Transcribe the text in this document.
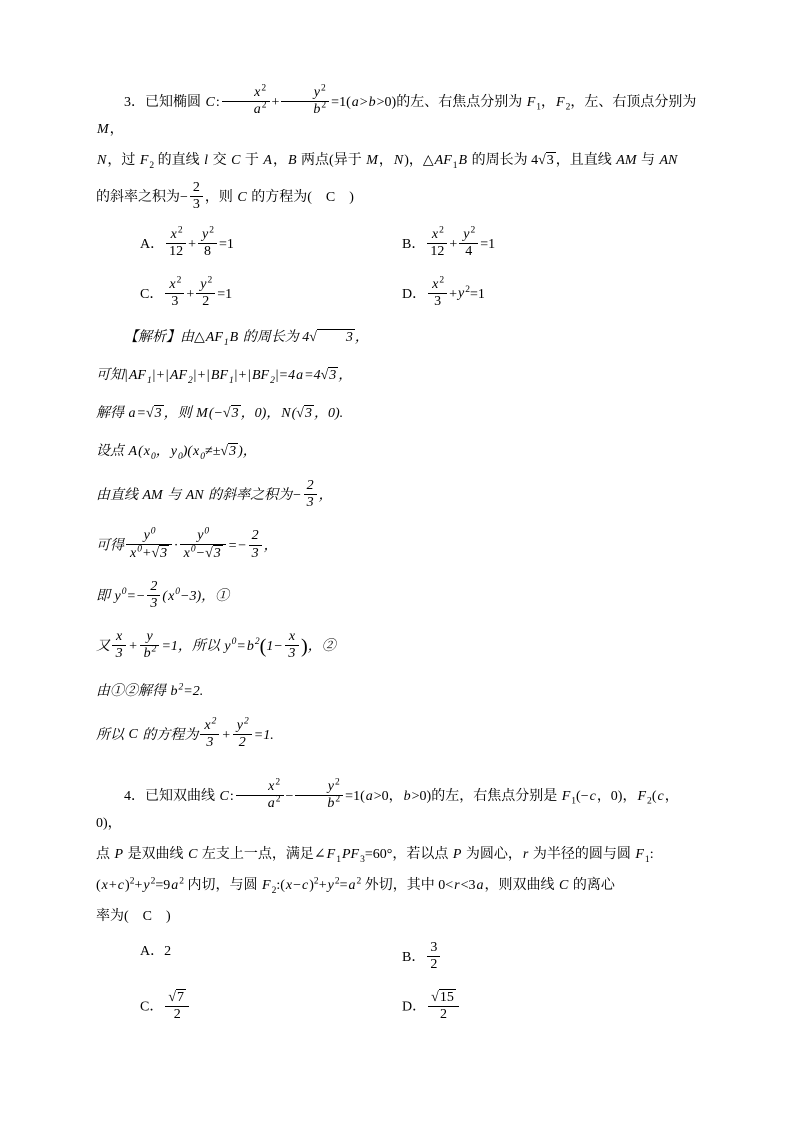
3．已知椭圆 C: $\frac{x^2}{a^2} + \frac{y^2}{b^2} =1(a>b>0)$的左、右焦点分别为 $F_1$，$F_2$，左、右顶点分别为 M，
N，过 $F_2$ 的直线 l 交 C 于 A，B 两点(异于 M，N)，$\triangle AF_1B$ 的周长为 4√3 ，且直线 AM 与 AN
的斜率之积为− $\frac{2}{3}$ ，则 C 的方程为(　C　)
A． $\frac{x^2}{12} + \frac{y^2}{8} =1$	B． $\frac{x^2}{12} + \frac{y^2}{4} =1$
C． $\frac{x^2}{3} + \frac{y^2}{2} =1$	D． $\frac{x^2}{3} +y^2=1$
【解析】由$\triangle AF_1B$ 的周长为 4√ 3 ，
可知$|AF_1|+|AF_2|+|BF_1|+|BF_2|=4a=4√3$ ，
解得 a=√3 ，则 M(−√3 ，0)，N(√3 ，0).
设点 $A(x_0$，$y_0)(x_0\ne\pm√3$ )，
由直线 AM 与 AN 的斜率之积为− $\frac{2}{3}$ ，
可得 $\frac{y^0}{x^0+√3} \cdot \frac{y^0}{x^0-√3} =- \frac{2}{3}$ ，
即 $y^0=- \frac{2}{3} (x^0-3)$，①
又 $\frac{x}{3} + \frac{y}{b^2} =1$，所以 $y^0=b^2(1- \frac{x}{3}$ )，②
由①②解得 $b^2=2$.
所以 C 的方程为 $\frac{x^2}{3} + \frac{y^2}{2} =1$.
4．已知双曲线 C: $\frac{x^2}{a^2} - \frac{y^2}{b^2} =1(a>0$，b>0)的左，右焦点分别是 $F_1(-c$，0)，$F_2(c$，0)，
点 P 是双曲线 C 左支上一点，满足$\angle F_1PF_3=60^\circ$，若以点 P 为圆心，r 为半径的圆与圆 $F_1$:
$(x+c)^2+y^2=9a^2$ 内切，与圆 $F_2:(x-c)^2+y^2=a^2$ 外切，其中 0<r<3a，则双曲线 C 的离心
率为(　C　)
A．2	B． $\frac{3}{2}$
C． $\frac{√7}{2}$	D． $\frac{√15}{2}$
